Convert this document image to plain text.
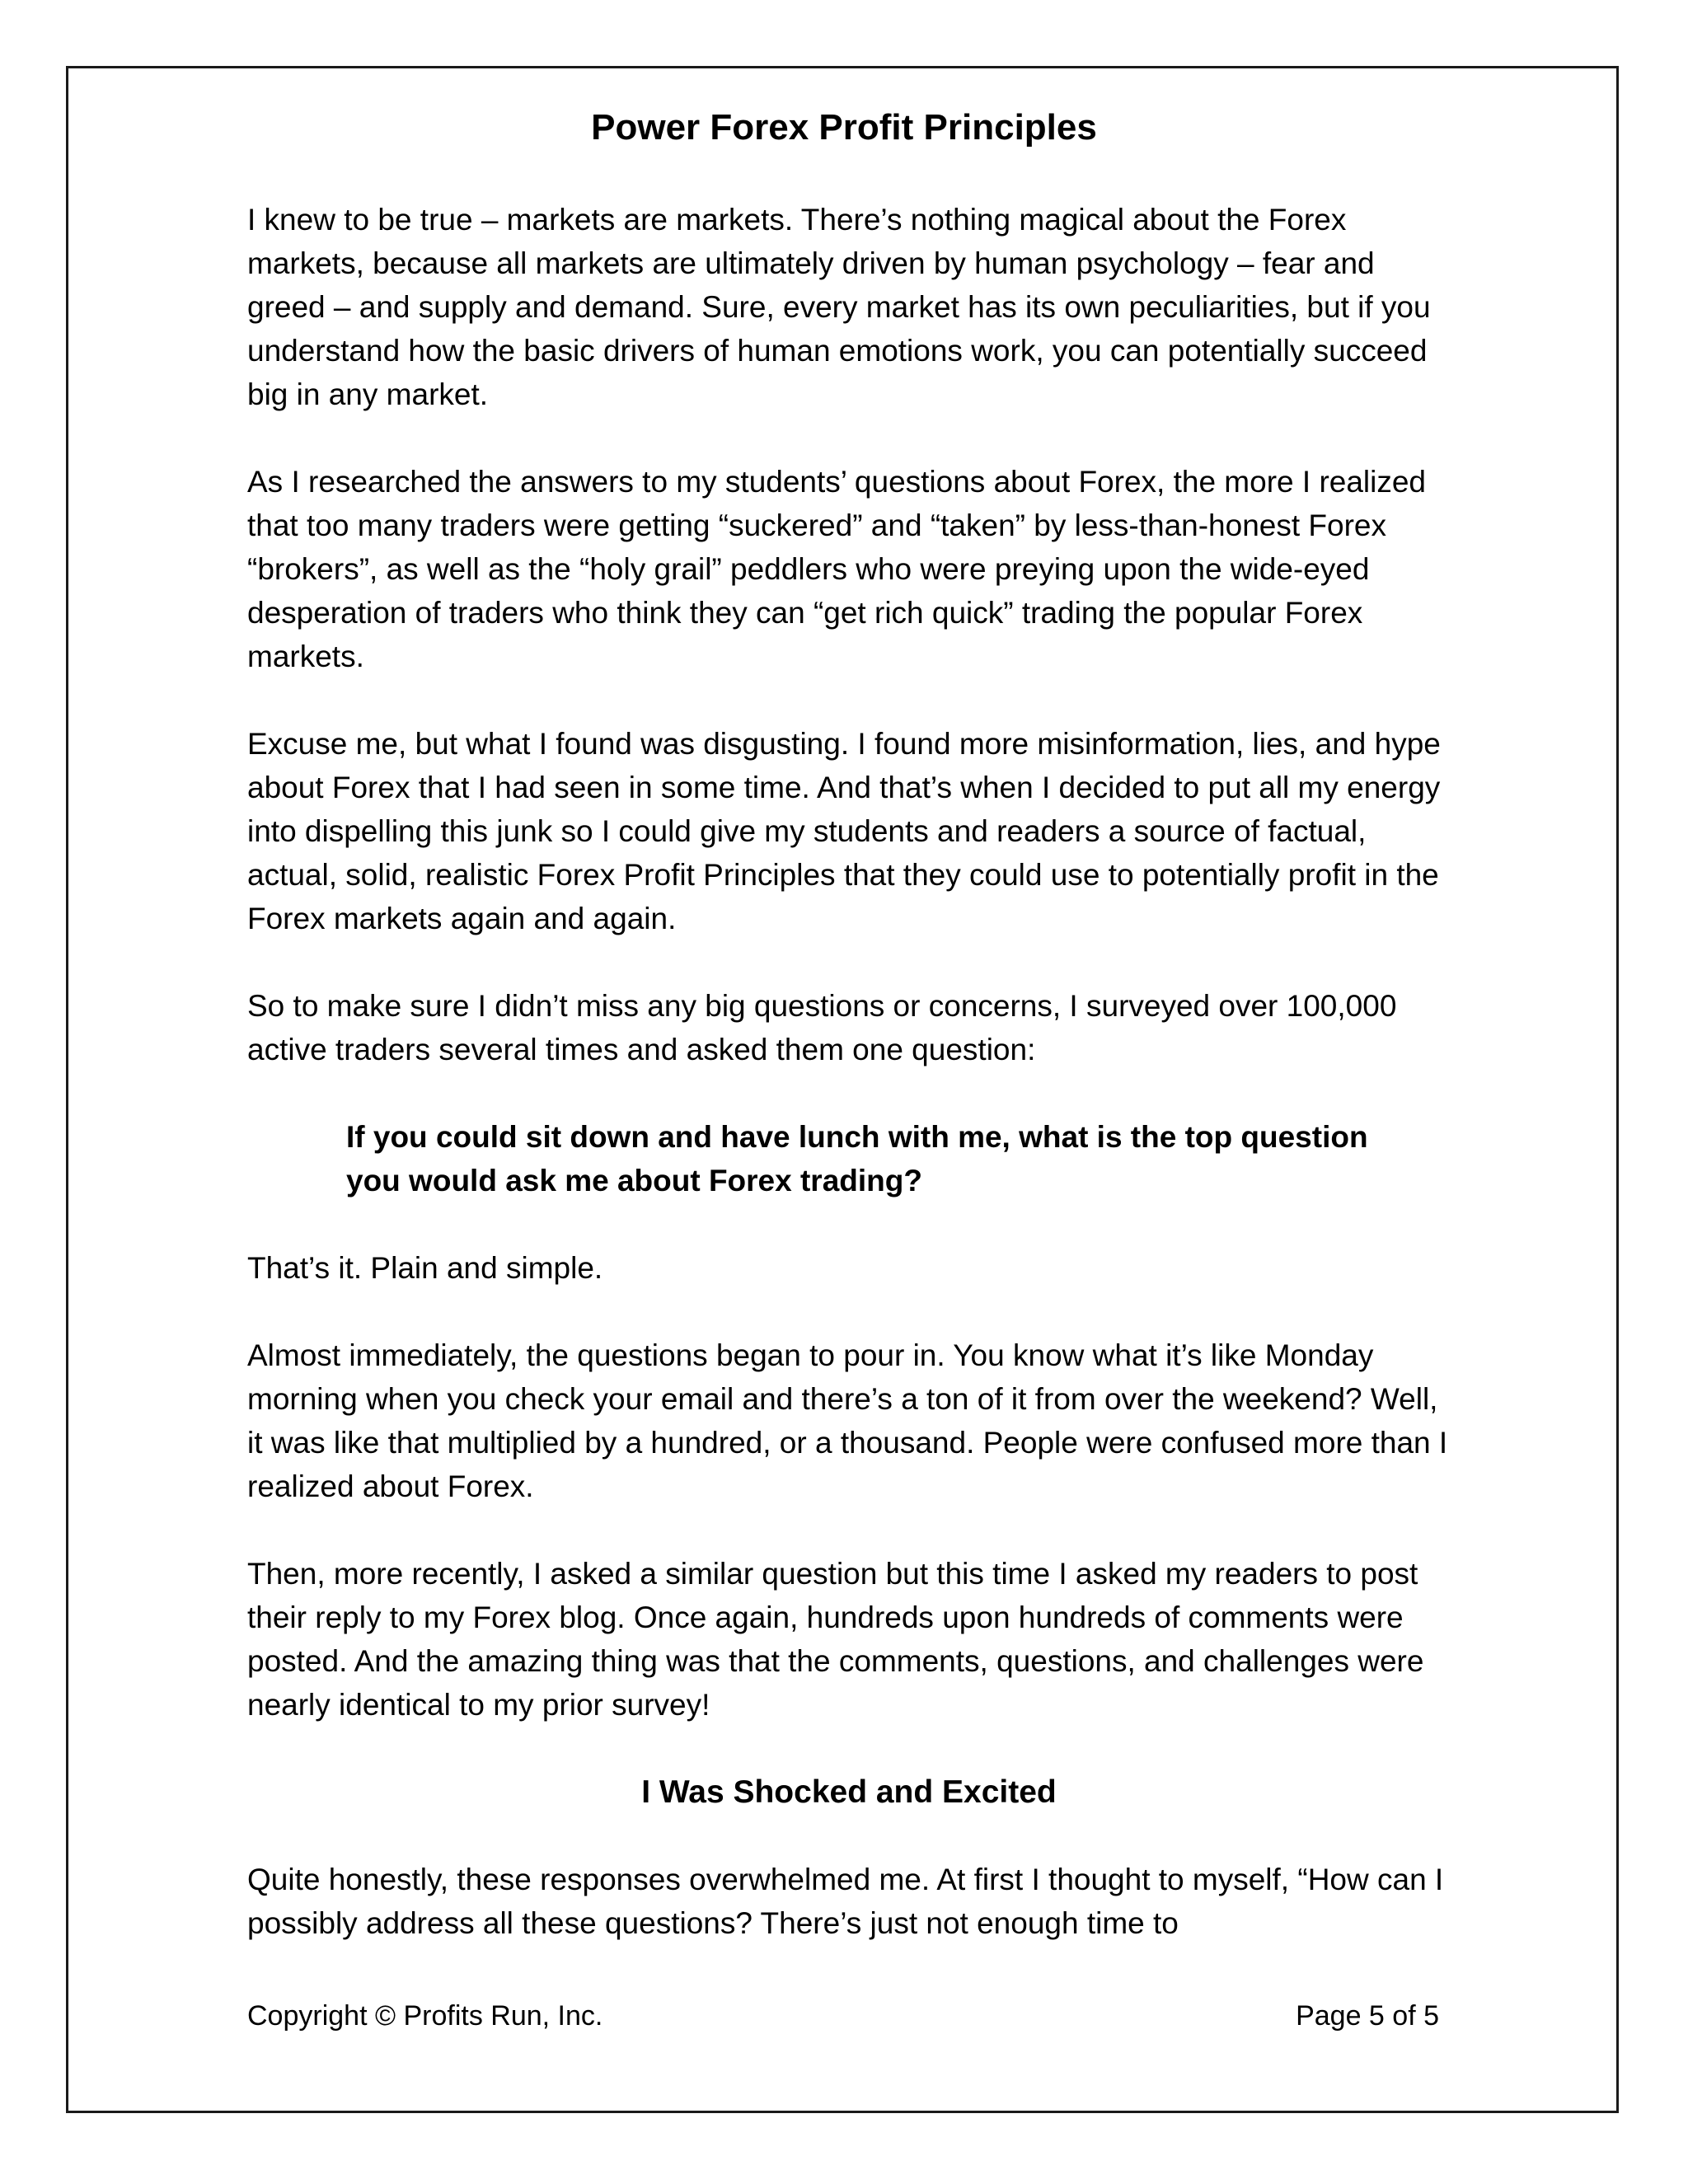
Power Forex Profit Principles

I knew to be true – markets are markets. There’s nothing magical about the Forex markets, because all markets are ultimately driven by human psychology – fear and greed – and supply and demand. Sure, every market has its own peculiarities, but if you understand how the basic drivers of human emotions work, you can potentially succeed big in any market.

As I researched the answers to my students’ questions about Forex, the more I realized that too many traders were getting “suckered” and “taken” by less-than-honest Forex “brokers”, as well as the “holy grail” peddlers who were preying upon the wide-eyed desperation of traders who think they can “get rich quick” trading the popular Forex markets.

Excuse me, but what I found was disgusting. I found more misinformation, lies, and hype about Forex that I had seen in some time. And that’s when I decided to put all my energy into dispelling this junk so I could give my students and readers a source of factual, actual, solid, realistic Forex Profit Principles that they could use to potentially profit in the Forex markets again and again.

So to make sure I didn’t miss any big questions or concerns, I surveyed over 100,000 active traders several times and asked them one question:

If you could sit down and have lunch with me, what is the top question you would ask me about Forex trading?

That’s it. Plain and simple.

Almost immediately, the questions began to pour in. You know what it’s like Monday morning when you check your email and there’s a ton of it from over the weekend? Well, it was like that multiplied by a hundred, or a thousand. People were confused more than I realized about Forex.

Then, more recently, I asked a similar question but this time I asked my readers to post their reply to my Forex blog. Once again, hundreds upon hundreds of comments were posted. And the amazing thing was that the comments, questions, and challenges were nearly identical to my prior survey!

I Was Shocked and Excited

Quite honestly, these responses overwhelmed me. At first I thought to myself, “How can I possibly address all these questions? There’s just not enough time to

Copyright © Profits Run, Inc.	Page 5 of 5
